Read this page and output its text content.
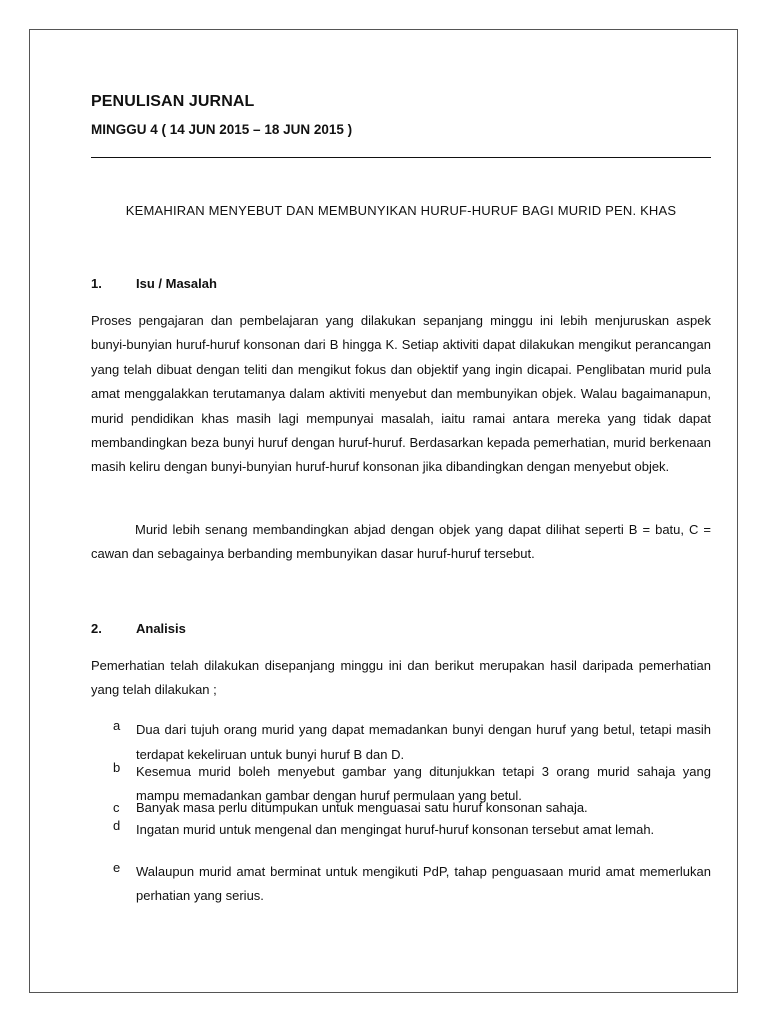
PENULISAN JURNAL
MINGGU 4 ( 14 JUN 2015 – 18 JUN 2015 )
KEMAHIRAN MENYEBUT DAN MEMBUNYIKAN HURUF-HURUF BAGI MURID PEN. KHAS
1.	Isu / Masalah
Proses pengajaran dan pembelajaran yang dilakukan sepanjang minggu ini lebih menjuruskan aspek bunyi-bunyian huruf-huruf konsonan dari B hingga K. Setiap aktiviti dapat dilakukan mengikut perancangan yang telah dibuat dengan teliti dan mengikut fokus dan objektif yang ingin dicapai. Penglibatan murid pula amat menggalakkan terutamanya dalam aktiviti menyebut dan membunyikan objek. Walau bagaimanapun, murid pendidikan khas masih lagi mempunyai masalah, iaitu ramai antara mereka yang tidak dapat membandingkan beza bunyi huruf dengan huruf-huruf. Berdasarkan kepada pemerhatian, murid berkenaan masih keliru dengan bunyi-bunyian huruf-huruf konsonan jika dibandingkan dengan menyebut objek.
Murid lebih senang membandingkan abjad dengan objek yang dapat dilihat seperti B = batu, C = cawan dan sebagainya berbanding membunyikan dasar huruf-huruf tersebut.
2.	Analisis
Pemerhatian telah dilakukan disepanjang minggu ini dan berikut merupakan hasil daripada pemerhatian yang telah dilakukan ;
a Dua dari tujuh orang murid yang dapat memadankan bunyi dengan huruf yang betul, tetapi masih terdapat kekeliruan untuk bunyi huruf B dan D.
b Kesemua murid boleh menyebut gambar yang ditunjukkan tetapi 3 orang murid sahaja yang mampu memadankan gambar dengan huruf permulaan yang betul.
c Banyak masa perlu ditumpukan untuk menguasai satu huruf konsonan sahaja.
d Ingatan murid untuk mengenal dan mengingat huruf-huruf konsonan tersebut amat lemah.
e Walaupun murid amat berminat untuk mengikuti PdP, tahap penguasaan murid amat memerlukan perhatian yang serius.
